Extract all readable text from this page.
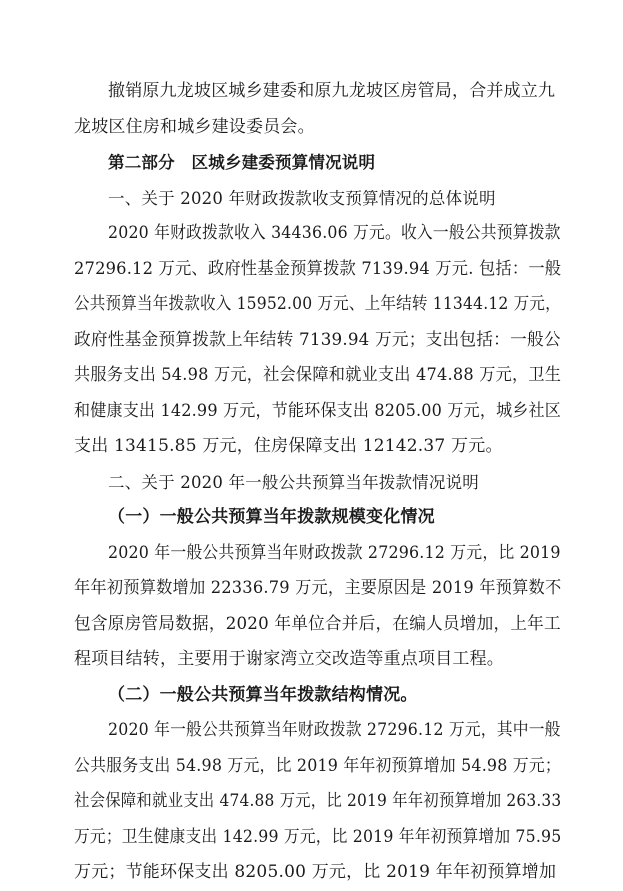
撤销原九龙坡区城乡建委和原九龙坡区房管局，合并成立九
龙坡区住房和城乡建设委员会。

第二部分　区城乡建委预算情况说明

一、关于 2020 年财政拨款收支预算情况的总体说明

2020 年财政拨款收入 34436.06 万元。收入一般公共预算拨款
27296.12 万元、政府性基金预算拨款 7139.94 万元. 包括：一般
公共预算当年拨款收入 15952.00 万元、上年结转 11344.12 万元，
政府性基金预算拨款上年结转 7139.94 万元；支出包括：一般公
共服务支出 54.98 万元，社会保障和就业支出 474.88 万元，卫生
和健康支出 142.99 万元，节能环保支出 8205.00 万元，城乡社区
支出 13415.85 万元，住房保障支出 12142.37 万元。

二、关于 2020 年一般公共预算当年拨款情况说明

（一）一般公共预算当年拨款规模变化情况

2020 年一般公共预算当年财政拨款 27296.12 万元，比 2019
年年初预算数增加 22336.79 万元，主要原因是 2019 年预算数不
包含原房管局数据，2020 年单位合并后，在编人员增加，上年工
程项目结转，主要用于谢家湾立交改造等重点项目工程。

（二）一般公共预算当年拨款结构情况。

2020 年一般公共预算当年财政拨款 27296.12 万元，其中一般
公共服务支出 54.98 万元，比 2019 年年初预算增加 54.98 万元；
社会保障和就业支出 474.88 万元，比 2019 年年初预算增加 263.33
万元；卫生健康支出 142.99 万元，比 2019 年年初预算增加 75.95
万元；节能环保支出 8205.00 万元，比 2019 年年初预算增加
